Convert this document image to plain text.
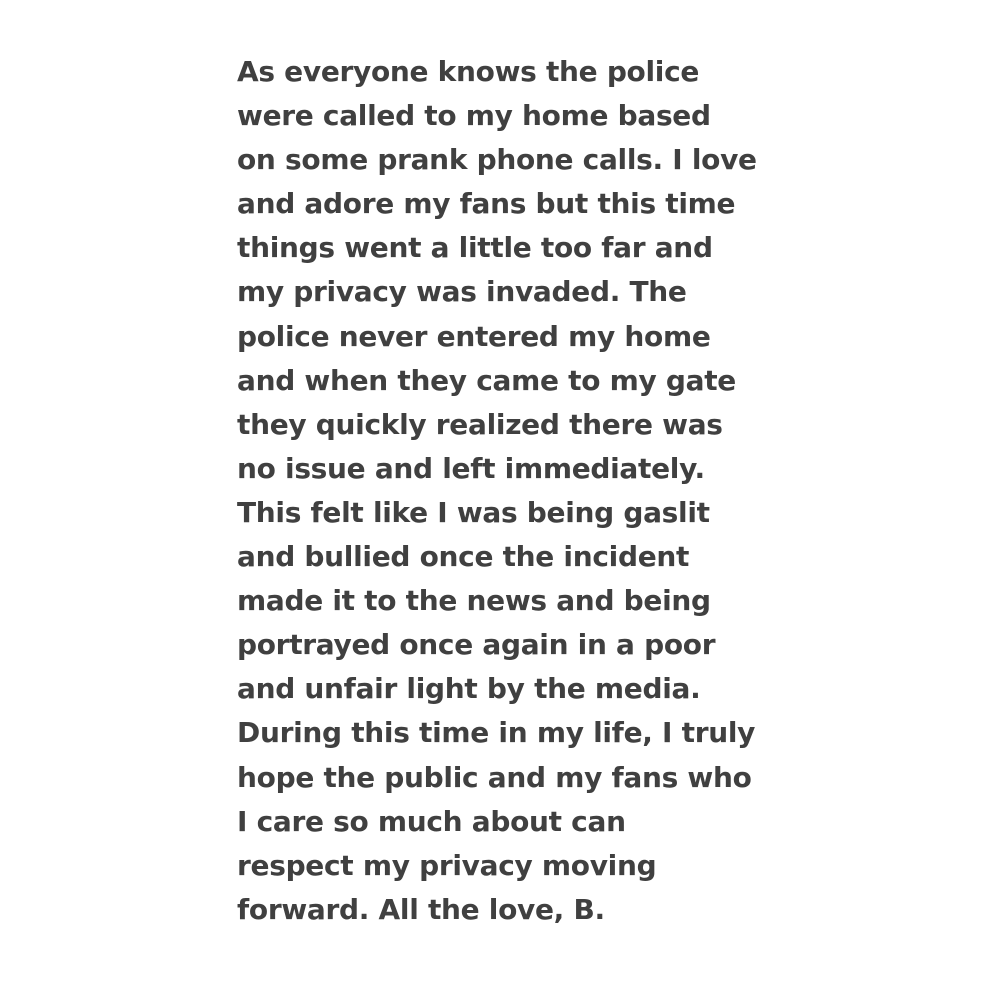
As everyone knows the police
were called to my home based
on some prank phone calls. I love
and adore my fans but this time
things went a little too far and
my privacy was invaded. The
police never entered my home
and when they came to my gate
they quickly realized there was
no issue and left immediately.
This felt like I was being gaslit
and bullied once the incident
made it to the news and being
portrayed once again in a poor
and unfair light by the media.
During this time in my life, I truly
hope the public and my fans who
I care so much about can
respect my privacy moving
forward. All the love, B.
